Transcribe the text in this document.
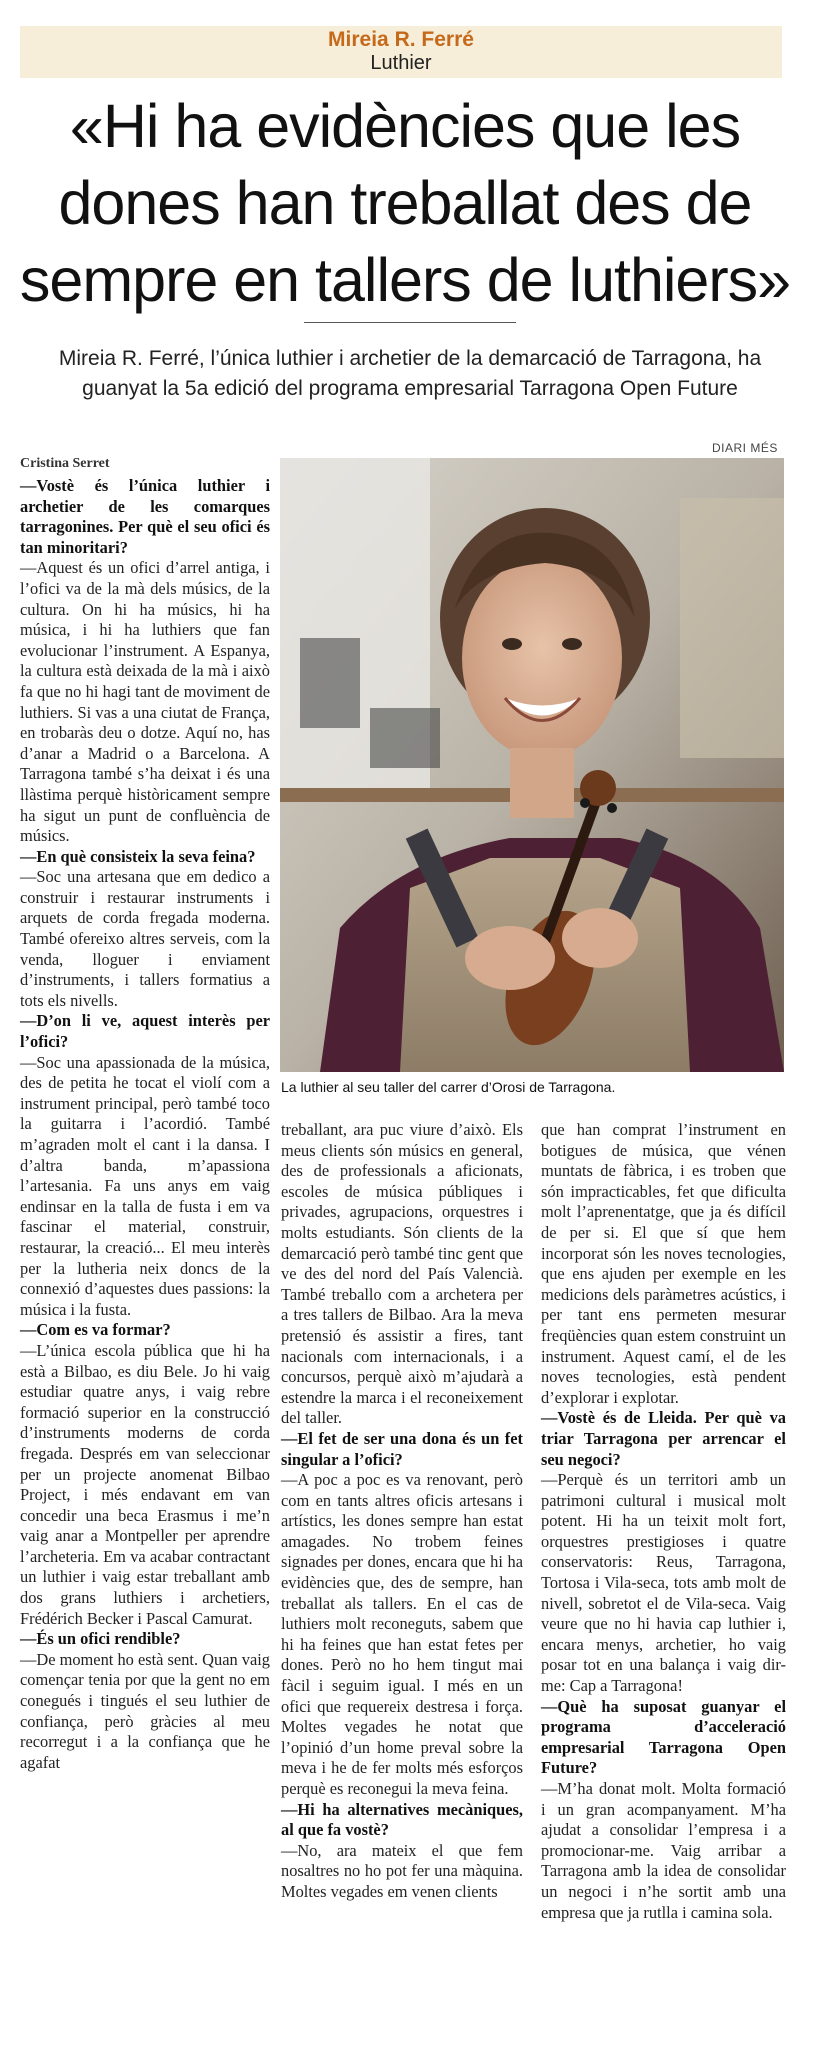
Mireia R. Ferré
Luthier
«Hi ha evidències que les dones han treballat des de sempre en tallers de luthiers»
Mireia R. Ferré, l’única luthier i archetier de la demarcació de Tarragona, ha guanyat la 5a edició del programa empresarial Tarragona Open Future
DIARI MÉS
Cristina Serret
La luthier al seu taller del carrer d’Orosi de Tarragona.

—Vostè és l’única luthier i archetier de les comarques tarragonines. Per què el seu ofici és tan minoritari?

—Aquest és un ofici d’arrel antiga, i l’ofici va de la mà dels músics, de la cultura. On hi ha músics, hi ha música, i hi ha luthiers que fan evolucionar l’instrument. A Espanya, la cultura està deixada de la mà i això fa que no hi hagi tant de moviment de luthiers. Si vas a una ciutat de França, en trobaràs deu o dotze. Aquí no, has d’anar a Madrid o a Barcelona. A Tarragona també s’ha deixat i és una llàstima perquè històricament sempre ha sigut un punt de confluència de músics.

—En què consisteix la seva feina?

—Soc una artesana que em dedico a construir i restaurar instruments i arquets de corda fregada moderna. També ofereixo altres serveis, com la venda, lloguer i enviament d’instruments, i tallers formatius a tots els nivells.

—D’on li ve, aquest interès per l’ofici?

—Soc una apassionada de la música, des de petita he tocat el violí com a instrument principal, però també toco la guitarra i l’acordió. També m’agraden molt el cant i la dansa. I d’altra banda, m’apassiona l’artesania. Fa uns anys em vaig endinsar en la talla de fusta i em va fascinar el material, construir, restaurar, la creació... El meu interès per la lutheria neix doncs de la connexió d’aquestes dues passions: la música i la fusta.

—Com es va formar?

—L’única escola pública que hi ha està a Bilbao, es diu Bele. Jo hi vaig estudiar quatre anys, i vaig rebre formació superior en la construcció d’instruments moderns de corda fregada. Després em van seleccionar per un projecte anomenat Bilbao Project, i més endavant em van concedir una beca Erasmus i me’n vaig anar a Montpeller per aprendre l’archeteria. Em va acabar contractant un luthier i vaig estar treballant amb dos grans luthiers i archetiers, Frédérich Becker i Pascal Camurat.

—És un ofici rendible?

—De moment ho està sent. Quan vaig començar tenia por que la gent no em conegués i tingués el seu luthier de confiança, però gràcies al meu recorregut i a la confiança que he agafat

treballant, ara puc viure d’això. Els meus clients són músics en general, des de professionals a aficionats, escoles de música públiques i privades, agrupacions, orquestres i molts estudiants. Són clients de la demarcació però també tinc gent que ve des del nord del País Valencià. També treballo com a archetera per a tres tallers de Bilbao. Ara la meva pretensió és assistir a fires, tant nacionals com internacionals, i a concursos, perquè això m’ajudarà a estendre la marca i el reconeixement del taller.

—El fet de ser una dona és un fet singular a l’ofici?

—A poc a poc es va renovant, però com en tants altres oficis artesans i artístics, les dones sempre han estat amagades. No trobem feines signades per dones, encara que hi ha evidències que, des de sempre, han treballat als tallers. En el cas de luthiers molt reconeguts, sabem que hi ha feines que han estat fetes per dones. Però no ho hem tingut mai fàcil i seguim igual. I més en un ofici que requereix destresa i força. Moltes vegades he notat que l’opinió d’un home preval sobre la meva i he de fer molts més esforços perquè es reconegui la meva feina.

—Hi ha alternatives mecàniques, al que fa vostè?

—No, ara mateix el que fem nosaltres no ho pot fer una màquina. Moltes vegades em venen clients

que han comprat l’instrument en botigues de música, que vénen muntats de fàbrica, i es troben que són impracticables, fet que dificulta molt l’aprenentatge, que ja és difícil de per si. El que sí que hem incorporat són les noves tecnologies, que ens ajuden per exemple en les medicions dels paràmetres acústics, i per tant ens permeten mesurar freqüències quan estem construint un instrument. Aquest camí, el de les noves tecnologies, està pendent d’explorar i explotar.

—Vostè és de Lleida. Per què va triar Tarragona per arrencar el seu negoci?

—Perquè és un territori amb un patrimoni cultural i musical molt potent. Hi ha un teixit molt fort, orquestres prestigioses i quatre conservatoris: Reus, Tarragona, Tortosa i Vila-seca, tots amb molt de nivell, sobretot el de Vila-seca. Vaig veure que no hi havia cap luthier i, encara menys, archetier, ho vaig posar tot en una balança i vaig dir-me: Cap a Tarragona!

—Què ha suposat guanyar el programa d’acceleració empresarial Tarragona Open Future?

—M’ha donat molt. Molta formació i un gran acompanyament. M’ha ajudat a consolidar l’empresa i a promocionar-me. Vaig arribar a Tarragona amb la idea de consolidar un negoci i n’he sortit amb una empresa que ja rutlla i camina sola.
